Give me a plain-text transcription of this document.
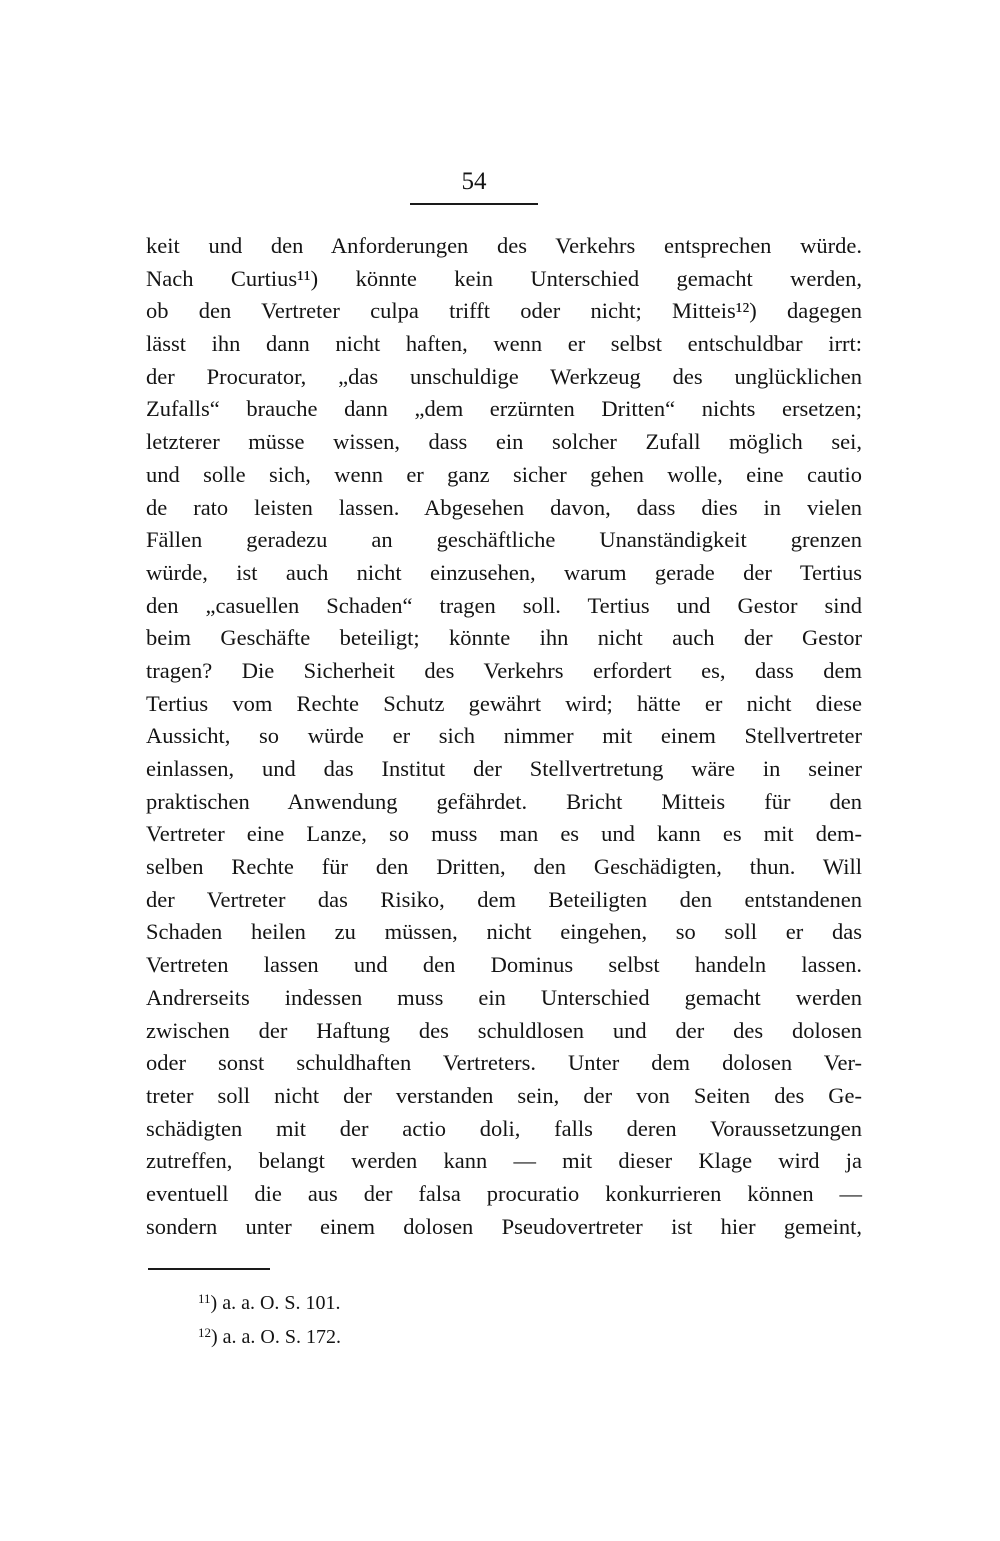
54
keit und den Anforderungen des Verkehrs entsprechen würde.
Nach Curtius¹¹) könnte kein Unterschied gemacht werden,
ob den Vertreter culpa trifft oder nicht; Mitteis¹²) dagegen
lässt ihn dann nicht haften, wenn er selbst entschuldbar irrt:
der Procurator, „das unschuldige Werkzeug des unglücklichen
Zufalls“ brauche dann „dem erzürnten Dritten“ nichts ersetzen;
letzterer müsse wissen, dass ein solcher Zufall möglich sei,
und solle sich, wenn er ganz sicher gehen wolle, eine cautio
de rato leisten lassen. Abgesehen davon, dass dies in vielen
Fällen geradezu an geschäftliche Unanständigkeit grenzen
würde, ist auch nicht einzusehen, warum gerade der Tertius
den „casuellen Schaden“ tragen soll. Tertius und Gestor sind
beim Geschäfte beteiligt; könnte ihn nicht auch der Gestor
tragen? Die Sicherheit des Verkehrs erfordert es, dass dem
Tertius vom Rechte Schutz gewährt wird; hätte er nicht diese
Aussicht, so würde er sich nimmer mit einem Stellvertreter
einlassen, und das Institut der Stellvertretung wäre in seiner
praktischen Anwendung gefährdet. Bricht Mitteis für den
Vertreter eine Lanze, so muss man es und kann es mit dem-
selben Rechte für den Dritten, den Geschädigten, thun. Will
der Vertreter das Risiko, dem Beteiligten den entstandenen
Schaden heilen zu müssen, nicht eingehen, so soll er das
Vertreten lassen und den Dominus selbst handeln lassen.
Andrerseits indessen muss ein Unterschied gemacht werden
zwischen der Haftung des schuldlosen und der des dolosen
oder sonst schuldhaften Vertreters. Unter dem dolosen Ver-
treter soll nicht der verstanden sein, der von Seiten des Ge-
schädigten mit der actio doli, falls deren Voraussetzungen
zutreffen, belangt werden kann — mit dieser Klage wird ja
eventuell die aus der falsa procuratio konkurrieren können —
sondern unter einem dolosen Pseudovertreter ist hier gemeint,
$^{11}$) a. a. O. S. 101.
$^{12}$) a. a. O. S. 172.
